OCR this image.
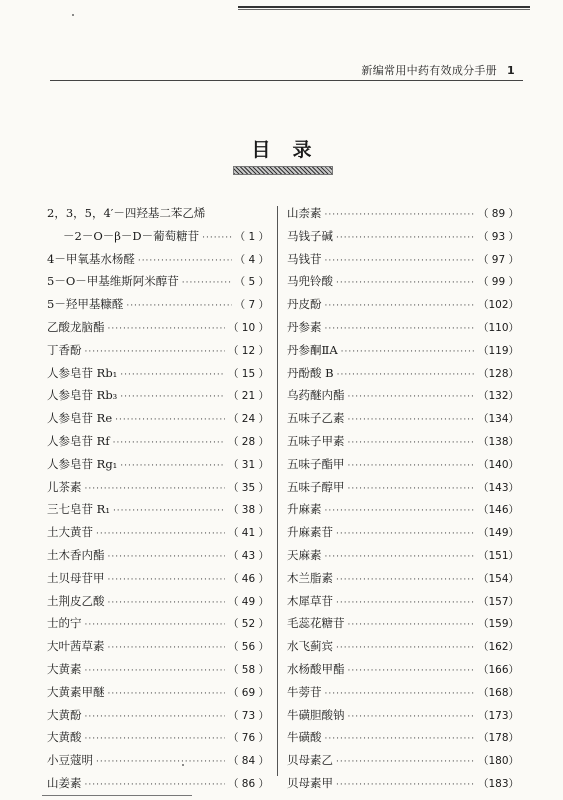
新编常用中药有效成分手册 1
目录
2，3，5，4′－四羟基二苯乙烯
－2－O－β－D－葡萄糖苷 ·····	（ 1 ）
4－甲氧基水杨醛 ·····	（ 4 ）
5－O－甲基维斯阿米醇苷 ·····	（ 5 ）
5－羟甲基糠醛 ·····	（ 7 ）
乙酸龙脑酯 ·····	（ 10 ）
丁香酚 ·····	（ 12 ）
人参皂苷 Rb₁ ·····	（ 15 ）
人参皂苷 Rb₃ ·····	（ 21 ）
人参皂苷 Re ·····	（ 24 ）
人参皂苷 Rf ·····	（ 28 ）
人参皂苷 Rg₁ ·····	（ 31 ）
儿茶素 ·····	（ 35 ）
三七皂苷 R₁ ·····	（ 38 ）
土大黄苷 ·····	（ 41 ）
土木香内酯 ·····	（ 43 ）
土贝母苷甲 ·····	（ 46 ）
土荆皮乙酸 ·····	（ 49 ）
士的宁 ·····	（ 52 ）
大叶茜草素 ·····	（ 56 ）
大黄素 ·····	（ 58 ）
大黄素甲醚 ·····	（ 69 ）
大黄酚 ·····	（ 73 ）
大黄酸 ·····	（ 76 ）
小豆蔻明 ·····	（ 84 ）
山姜素 ·····	（ 86 ）
山柰素 ·····	（ 89 ）
马钱子碱 ·····	（ 93 ）
马钱苷 ·····	（ 97 ）
马兜铃酸 ·····	（ 99 ）
丹皮酚 ·····	（102）
丹参素 ·····	（110）
丹参酮ⅡA ·····	（119）
丹酚酸 B ·····	（128）
乌药醚内酯 ·····	（132）
五味子乙素 ·····	（134）
五味子甲素 ·····	（138）
五味子酯甲 ·····	（140）
五味子醇甲 ·····	（143）
升麻素 ·····	（146）
升麻素苷 ·····	（149）
天麻素 ·····	（151）
木兰脂素 ·····	（154）
木犀草苷 ·····	（157）
毛蕊花糖苷 ·····	（159）
水飞蓟宾 ·····	（162）
水杨酸甲酯 ·····	（166）
牛蒡苷 ·····	（168）
牛磺胆酸钠 ·····	（173）
牛磺酸 ·····	（178）
贝母素乙 ·····	（180）
贝母素甲 ·····	（183）
